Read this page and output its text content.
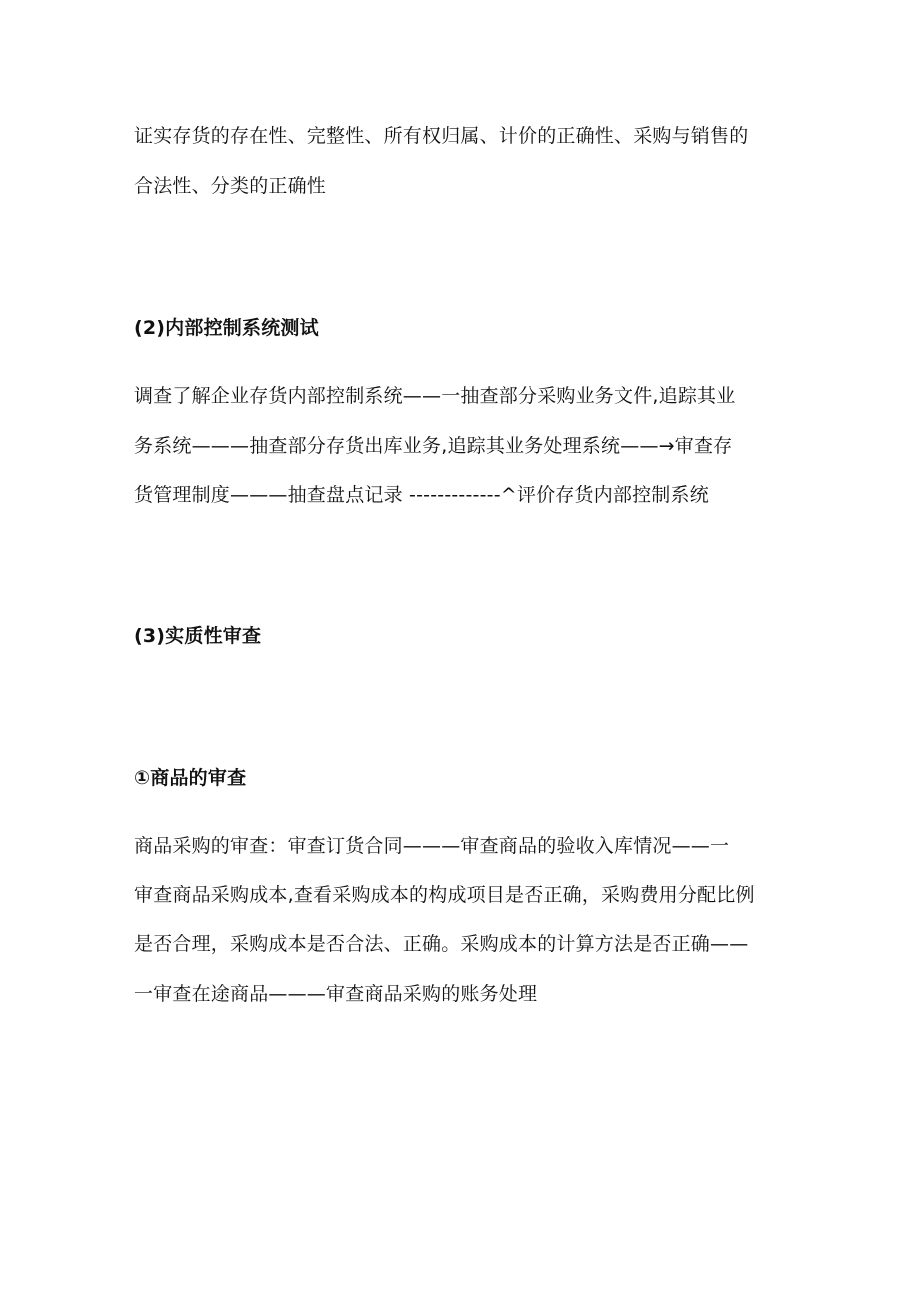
证实存货的存在性、完整性、所有权归属、计价的正确性、采购与销售的
合法性、分类的正确性
(2)内部控制系统测试
调查了解企业存货内部控制系统——一抽查部分采购业务文件,追踪其业
务系统———抽查部分存货出库业务,追踪其业务处理系统——→审查存
货管理制度———抽查盘点记录 -------------^评价存货内部控制系统
(3)实质性审查
①商品的审查
商品采购的审查：审查订货合同———审查商品的验收入库情况——一
审查商品采购成本,查看采购成本的构成项目是否正确，采购费用分配比例
是否合理，采购成本是否合法、正确。采购成本的计算方法是否正确——
一审查在途商品———审查商品采购的账务处理
